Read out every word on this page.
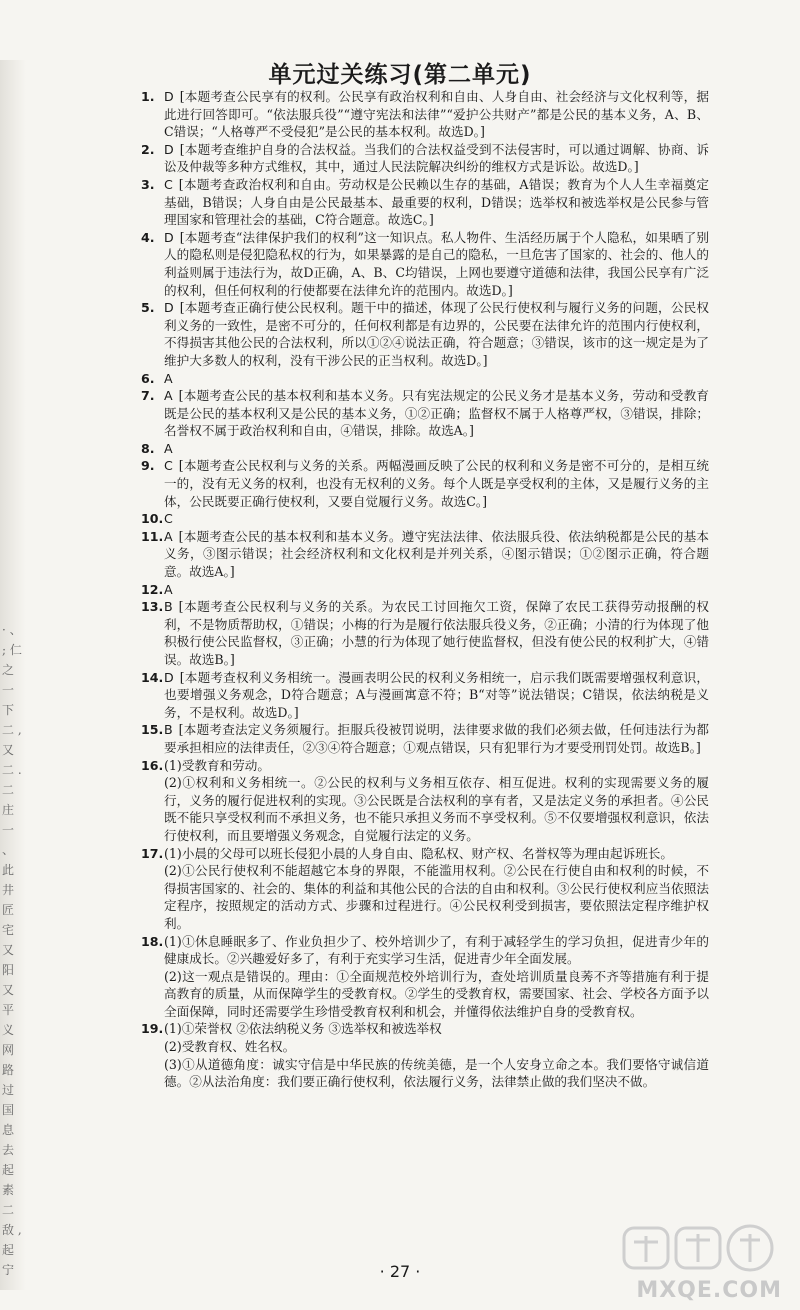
· 、 ; 仁 之 一 下 二 , 又 二 . 二 庄 一 、 此 井 匠 宅 又 阳 又 平 义 网 路 过 国 息 去 起 素 二 敌 , 起 宁
单元过关练习(第二单元)
1. D [本题考查公民享有的权利。公民享有政治权利和自由、人身自由、社会经济与文化权利等，据此进行回答即可。“依法服兵役”“遵守宪法和法律”“爱护公共财产”都是公民的基本义务，A、B、C错误；“人格尊严不受侵犯”是公民的基本权利。故选D。]

2. D [本题考查维护自身的合法权益。当我们的合法权益受到不法侵害时，可以通过调解、协商、诉讼及仲裁等多种方式维权，其中，通过人民法院解决纠纷的维权方式是诉讼。故选D。]

3. C [本题考查政治权利和自由。劳动权是公民赖以生存的基础，A错误；教育为个人人生幸福奠定基础，B错误；人身自由是公民最基本、最重要的权利，D错误；选举权和被选举权是公民参与管理国家和管理社会的基础，C符合题意。故选C。]

4. D [本题考查“法律保护我们的权利”这一知识点。私人物件、生活经历属于个人隐私，如果晒了别人的隐私则是侵犯隐私权的行为，如果暴露的是自己的隐私，一旦危害了国家的、社会的、他人的利益则属于违法行为，故D正确，A、B、C均错误，上网也要遵守道德和法律，我国公民享有广泛的权利，但任何权利的行使都要在法律允许的范围内。故选D。]

5. D [本题考查正确行使公民权利。题干中的描述，体现了公民行使权利与履行义务的问题，公民权利义务的一致性，是密不可分的，任何权利都是有边界的，公民要在法律允许的范围内行使权利，不得损害其他公民的合法权利，所以①②④说法正确，符合题意；③错误，该市的这一规定是为了维护大多数人的权利，没有干涉公民的正当权利。故选D。]

6. A

7. A [本题考查公民的基本权利和基本义务。只有宪法规定的公民义务才是基本义务，劳动和受教育既是公民的基本权利又是公民的基本义务，①②正确；监督权不属于人格尊严权，③错误，排除；名誉权不属于政治权利和自由，④错误，排除。故选A。]

8. A

9. C [本题考查公民权利与义务的关系。两幅漫画反映了公民的权利和义务是密不可分的，是相互统一的，没有无义务的权利，也没有无权利的义务。每个人既是享受权利的主体，又是履行义务的主体，公民既要正确行使权利，又要自觉履行义务。故选C。]

10. C

11. A [本题考查公民的基本权利和基本义务。遵守宪法法律、依法服兵役、依法纳税都是公民的基本义务，③图示错误；社会经济权利和文化权利是并列关系，④图示错误；①②图示正确，符合题意。故选A。]

12. A

13. B [本题考查公民权利与义务的关系。为农民工讨回拖欠工资，保障了农民工获得劳动报酬的权利，不是物质帮助权，①错误；小梅的行为是履行依法服兵役义务，②正确；小清的行为体现了他积极行使公民监督权，③正确；小慧的行为体现了她行使监督权，但没有使公民的权利扩大，④错误。故选B。]

14. D [本题考查权利义务相统一。漫画表明公民的权利义务相统一，启示我们既需要增强权利意识，也要增强义务观念，D符合题意；A与漫画寓意不符；B“对等”说法错误；C错误，依法纳税是义务，不是权利。故选D。]

15. B [本题考查法定义务须履行。拒服兵役被罚说明，法律要求做的我们必须去做，任何违法行为都要承担相应的法律责任，②③④符合题意；①观点错误，只有犯罪行为才要受刑罚处罚。故选B。]

16. (1)受教育和劳动。

(2)①权利和义务相统一。②公民的权利与义务相互依存、相互促进。权利的实现需要义务的履行，义务的履行促进权利的实现。③公民既是合法权利的享有者，又是法定义务的承担者。④公民既不能只享受权利而不承担义务，也不能只承担义务而不享受权利。⑤不仅要增强权利意识，依法行使权利，而且要增强义务观念，自觉履行法定的义务。

17. (1)小晨的父母可以班长侵犯小晨的人身自由、隐私权、财产权、名誉权等为理由起诉班长。

(2)①公民行使权利不能超越它本身的界限，不能滥用权利。②公民在行使自由和权利的时候，不得损害国家的、社会的、集体的利益和其他公民的合法的自由和权利。③公民行使权利应当依照法定程序，按照规定的活动方式、步骤和过程进行。④公民权利受到损害，要依照法定程序维护权利。

18. (1)①休息睡眠多了、作业负担少了、校外培训少了，有利于减轻学生的学习负担，促进青少年的健康成长。②兴趣爱好多了，有利于充实学习生活，促进青少年全面发展。

(2)这一观点是错误的。理由：①全面规范校外培训行为，查处培训质量良莠不齐等措施有利于提高教育的质量，从而保障学生的受教育权。②学生的受教育权，需要国家、社会、学校各方面予以全面保障，同时还需要学生珍惜受教育权利和机会，并懂得依法维护自身的受教育权。

19. (1)①荣誉权 ②依法纳税义务 ③选举权和被选举权

(2)受教育权、姓名权。

(3)①从道德角度：诚实守信是中华民族的传统美德，是一个人安身立命之本。我们要恪守诚信道德。②从法治角度：我们要正确行使权利，依法履行义务，法律禁止做的我们坚决不做。

· 27 ·
MXQE.COM
